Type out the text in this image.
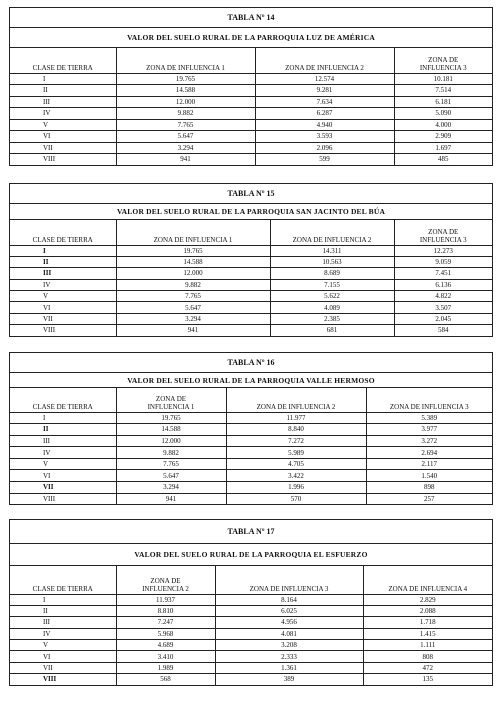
TABLA Nº 14
VALOR DEL SUELO RURAL DE LA PARROQUIA LUZ DE AMÉRICA
CLASE DE TIERRA	ZONA DE INFLUENCIA 1	ZONA DE INFLUENCIA 2	ZONA DE INFLUENCIA 3
I	19.765	12.574	10.181
II	14.588	9.281	7.514
III	12.000	7.634	6.181
IV	9.882	6.287	5.090
V	7.765	4.940	4.000
VI	5.647	3.593	2.909
VII	3.294	2.096	1.697
VIII	941	599	485
TABLA Nº 15
VALOR DEL SUELO RURAL DE LA PARROQUIA SAN JACINTO DEL BÚA
CLASE DE TIERRA	ZONA DE INFLUENCIA 1	ZONA DE INFLUENCIA 2	ZONA DE INFLUENCIA 3
I	19.765	14.311	12.273
II	14.588	10.563	9.059
III	12.000	8.689	7.451
IV	9.882	7.155	6.136
V	7.765	5.622	4.822
VI	5.647	4.089	3.507
VII	3.294	2.385	2.045
VIII	941	681	584
TABLA Nº 16
VALOR DEL SUELO RURAL DE LA PARROQUIA VALLE HERMOSO
CLASE DE TIERRA	ZONA DE INFLUENCIA 1	ZONA DE INFLUENCIA 2	ZONA DE INFLUENCIA 3
I	19.765	11.977	5.389
II	14.588	8.840	3.977
III	12.000	7.272	3.272
IV	9.882	5.989	2.694
V	7.765	4.705	2.117
VI	5.647	3.422	1.540
VII	3.294	1.996	898
VIII	941	570	257
TABLA Nº 17
VALOR DEL SUELO RURAL DE LA PARROQUIA EL ESFUERZO
CLASE DE TIERRA	ZONA DE INFLUENCIA 2	ZONA DE INFLUENCIA 3	ZONA DE INFLUENCIA 4
I	11.937	8.164	2.829
II	8.810	6.025	2.088
III	7.247	4.956	1.718
IV	5.968	4.081	1.415
V	4.689	3.208	1.111
VI	3.410	2.333	808
VII	1.989	1.361	472
VIII	568	389	135
